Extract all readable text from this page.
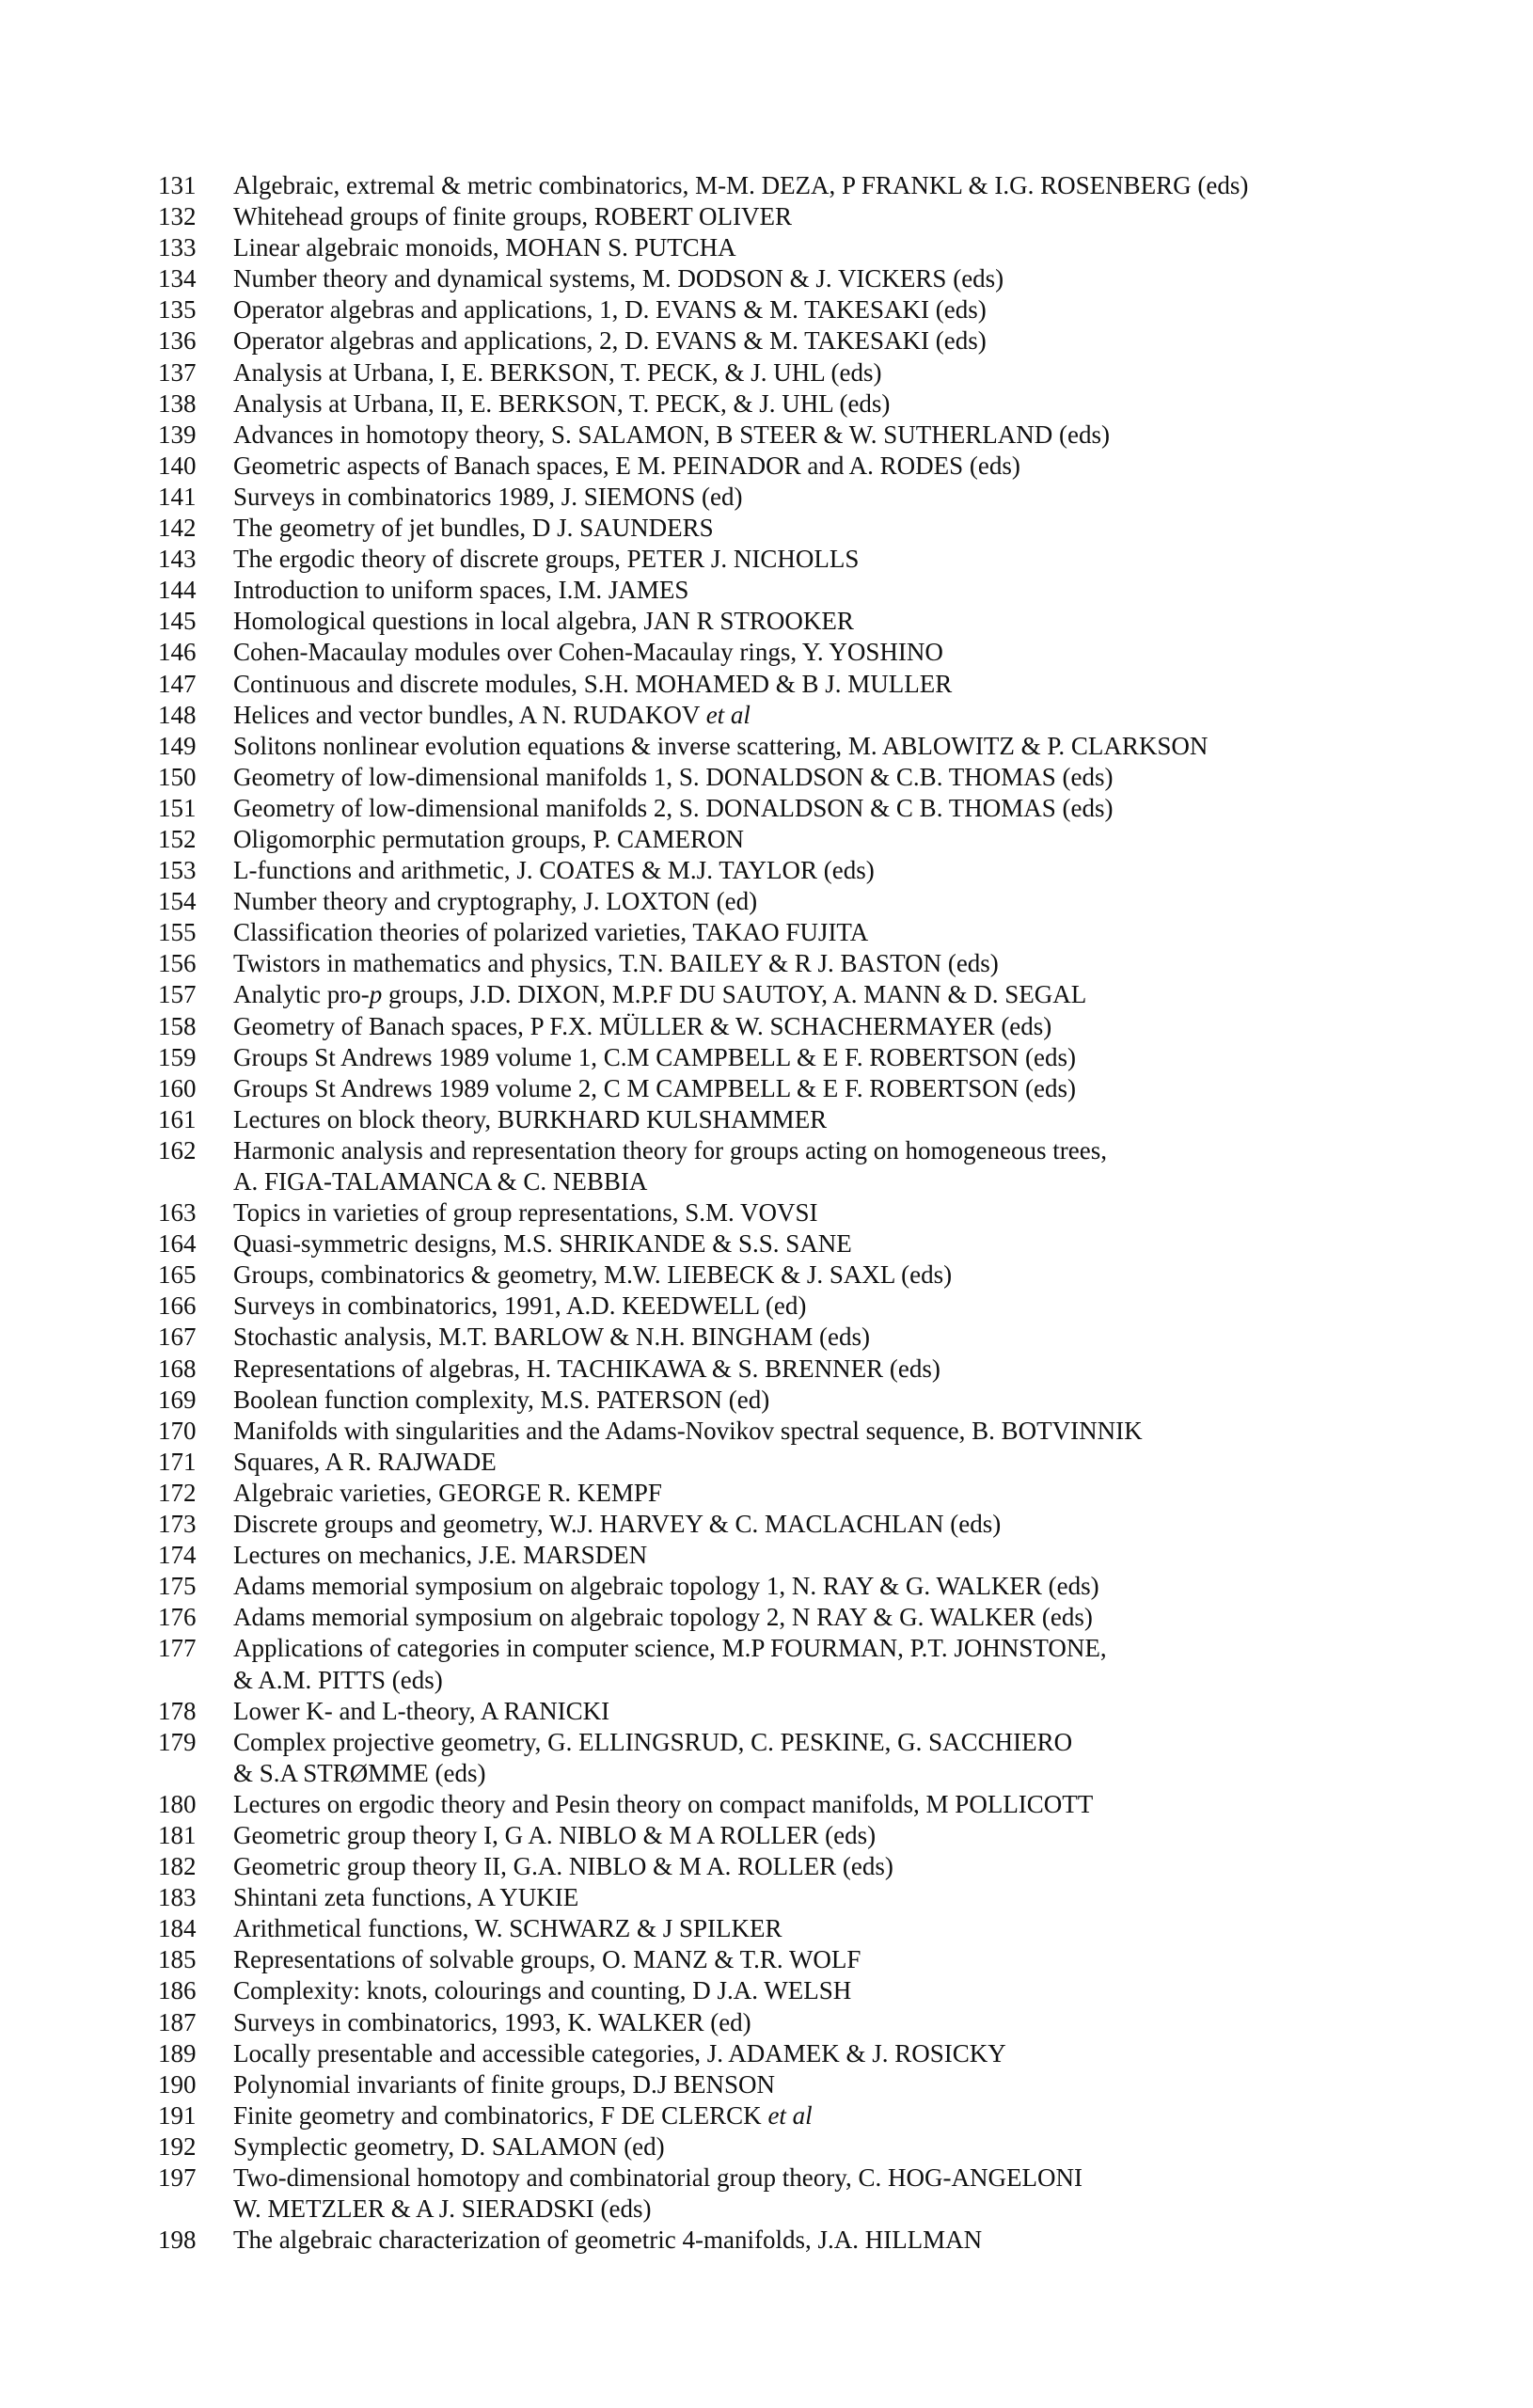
131	Algebraic, extremal & metric combinatorics, M-M. DEZA, P FRANKL & I.G. ROSENBERG (eds)
132	Whitehead groups of finite groups, ROBERT OLIVER
133	Linear algebraic monoids, MOHAN S. PUTCHA
134	Number theory and dynamical systems, M. DODSON & J. VICKERS (eds)
135	Operator algebras and applications, 1, D. EVANS & M. TAKESAKI (eds)
136	Operator algebras and applications, 2, D. EVANS & M. TAKESAKI (eds)
137	Analysis at Urbana, I, E. BERKSON, T. PECK, & J. UHL (eds)
138	Analysis at Urbana, II, E. BERKSON, T. PECK, & J. UHL (eds)
139	Advances in homotopy theory, S. SALAMON, B STEER & W. SUTHERLAND (eds)
140	Geometric aspects of Banach spaces, E M. PEINADOR and A. RODES (eds)
141	Surveys in combinatorics 1989, J. SIEMONS (ed)
142	The geometry of jet bundles, D J. SAUNDERS
143	The ergodic theory of discrete groups, PETER J. NICHOLLS
144	Introduction to uniform spaces, I.M. JAMES
145	Homological questions in local algebra, JAN R STROOKER
146	Cohen-Macaulay modules over Cohen-Macaulay rings, Y. YOSHINO
147	Continuous and discrete modules, S.H. MOHAMED & B J. MULLER
148	Helices and vector bundles, A N. RUDAKOV et al
149	Solitons nonlinear evolution equations & inverse scattering, M. ABLOWITZ & P. CLARKSON
150	Geometry of low-dimensional manifolds 1, S. DONALDSON & C.B. THOMAS (eds)
151	Geometry of low-dimensional manifolds 2, S. DONALDSON & C B. THOMAS (eds)
152	Oligomorphic permutation groups, P. CAMERON
153	L-functions and arithmetic, J. COATES & M.J. TAYLOR (eds)
154	Number theory and cryptography, J. LOXTON (ed)
155	Classification theories of polarized varieties, TAKAO FUJITA
156	Twistors in mathematics and physics, T.N. BAILEY & R J. BASTON (eds)
157	Analytic pro-p groups, J.D. DIXON, M.P.F DU SAUTOY, A. MANN & D. SEGAL
158	Geometry of Banach spaces, P F.X. MÜLLER & W. SCHACHERMAYER (eds)
159	Groups St Andrews 1989 volume 1, C.M CAMPBELL & E F. ROBERTSON (eds)
160	Groups St Andrews 1989 volume 2, C M CAMPBELL & E F. ROBERTSON (eds)
161	Lectures on block theory, BURKHARD KULSHAMMER
162	Harmonic analysis and representation theory for groups acting on homogeneous trees,
A. FIGA-TALAMANCA & C. NEBBIA
163	Topics in varieties of group representations, S.M. VOVSI
164	Quasi-symmetric designs, M.S. SHRIKANDE & S.S. SANE
165	Groups, combinatorics & geometry, M.W. LIEBECK & J. SAXL (eds)
166	Surveys in combinatorics, 1991, A.D. KEEDWELL (ed)
167	Stochastic analysis, M.T. BARLOW & N.H. BINGHAM (eds)
168	Representations of algebras, H. TACHIKAWA & S. BRENNER (eds)
169	Boolean function complexity, M.S. PATERSON (ed)
170	Manifolds with singularities and the Adams-Novikov spectral sequence, B. BOTVINNIK
171	Squares, A R. RAJWADE
172	Algebraic varieties, GEORGE R. KEMPF
173	Discrete groups and geometry, W.J. HARVEY & C. MACLACHLAN (eds)
174	Lectures on mechanics, J.E. MARSDEN
175	Adams memorial symposium on algebraic topology 1, N. RAY & G. WALKER (eds)
176	Adams memorial symposium on algebraic topology 2, N RAY & G. WALKER (eds)
177	Applications of categories in computer science, M.P FOURMAN, P.T. JOHNSTONE,
& A.M. PITTS (eds)
178	Lower K- and L-theory, A RANICKI
179	Complex projective geometry, G. ELLINGSRUD, C. PESKINE, G. SACCHIERO
& S.A STRØMME (eds)
180	Lectures on ergodic theory and Pesin theory on compact manifolds, M POLLICOTT
181	Geometric group theory I, G A. NIBLO & M A ROLLER (eds)
182	Geometric group theory II, G.A. NIBLO & M A. ROLLER (eds)
183	Shintani zeta functions, A YUKIE
184	Arithmetical functions, W. SCHWARZ & J SPILKER
185	Representations of solvable groups, O. MANZ & T.R. WOLF
186	Complexity: knots, colourings and counting, D J.A. WELSH
187	Surveys in combinatorics, 1993, K. WALKER (ed)
189	Locally presentable and accessible categories, J. ADAMEK & J. ROSICKY
190	Polynomial invariants of finite groups, D.J BENSON
191	Finite geometry and combinatorics, F DE CLERCK et al
192	Symplectic geometry, D. SALAMON (ed)
197	Two-dimensional homotopy and combinatorial group theory, C. HOG-ANGELONI
W. METZLER & A J. SIERADSKI (eds)
198	The algebraic characterization of geometric 4-manifolds, J.A. HILLMAN
